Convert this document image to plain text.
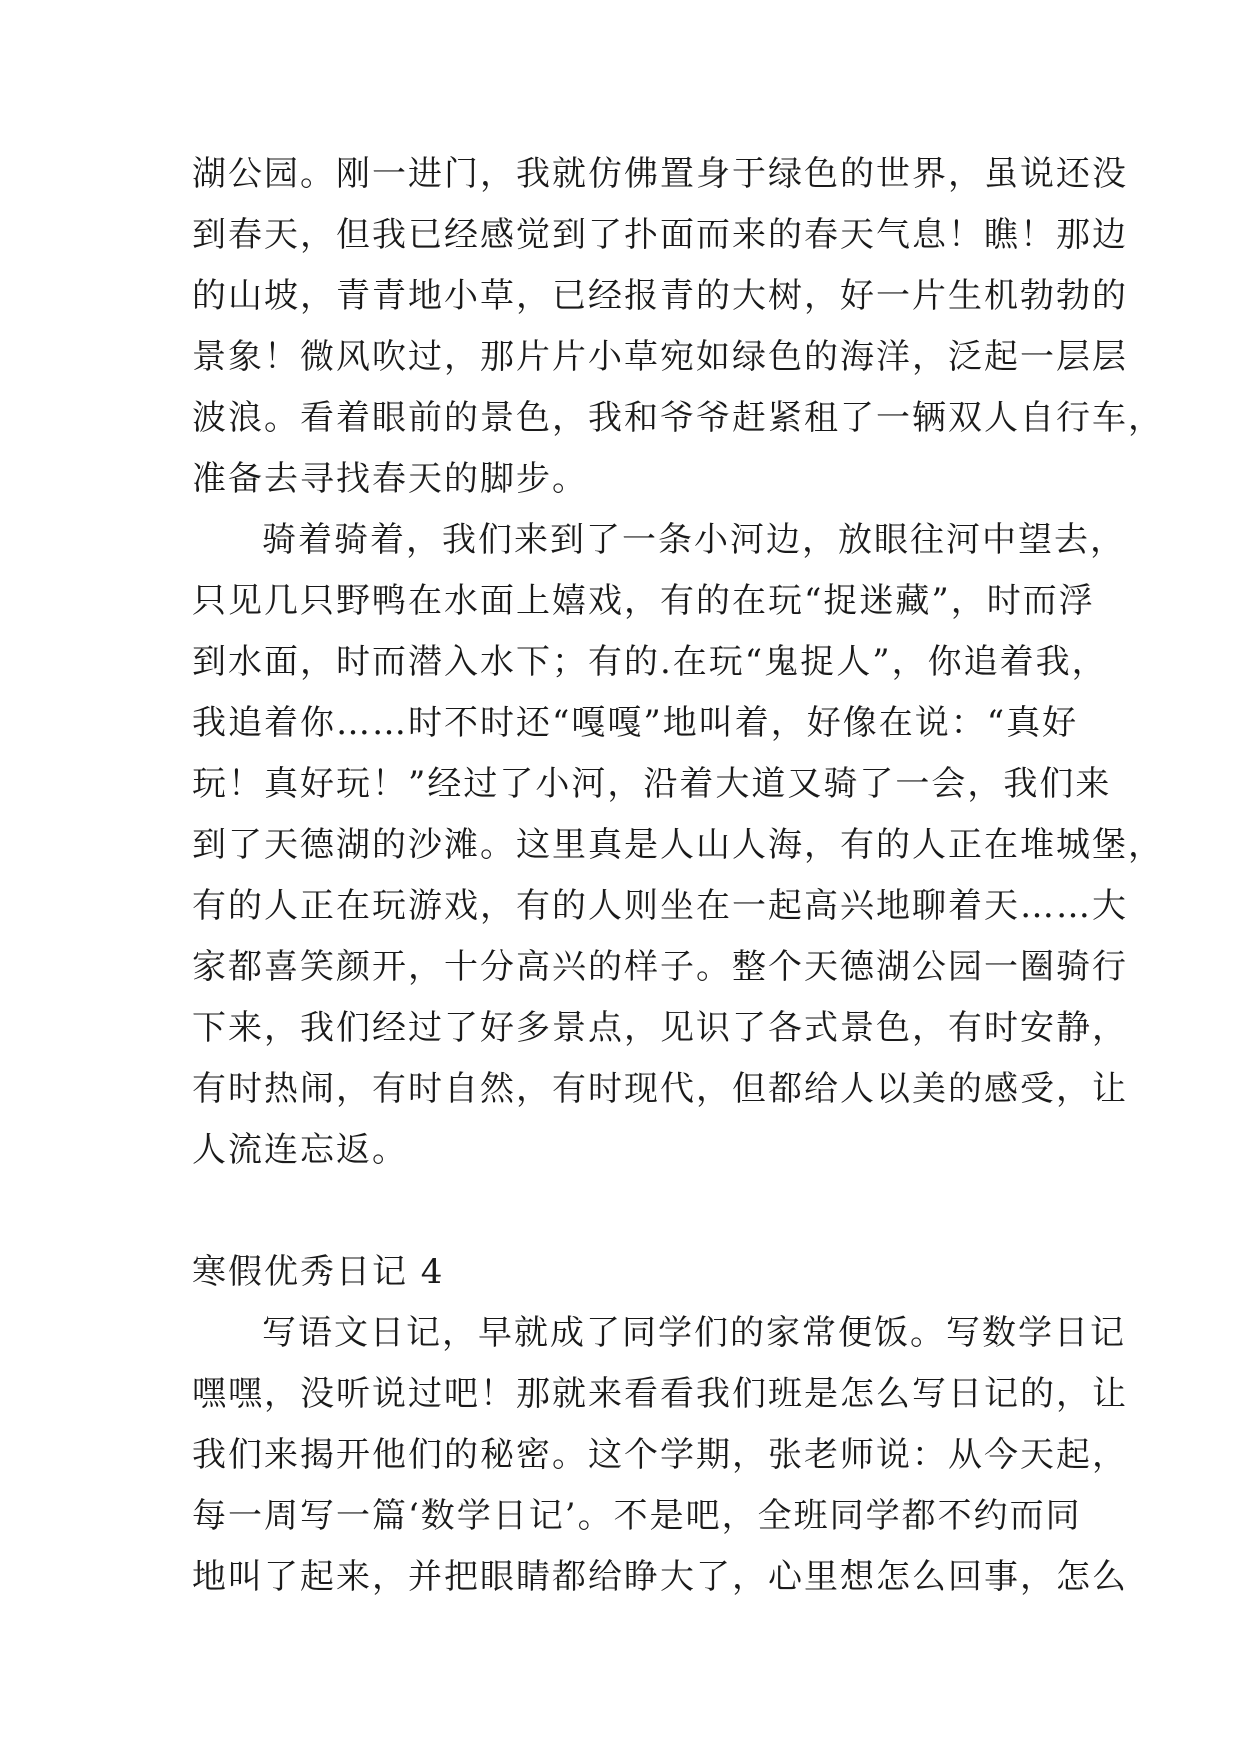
湖公园。刚一进门，我就仿佛置身于绿色的世界，虽说还没
到春天，但我已经感觉到了扑面而来的春天气息！瞧！那边
的山坡，青青地小草，已经报青的大树，好一片生机勃勃的
景象！微风吹过，那片片小草宛如绿色的海洋，泛起一层层
波浪。看着眼前的景色，我和爷爷赶紧租了一辆双人自行车，
准备去寻找春天的脚步。
骑着骑着，我们来到了一条小河边，放眼往河中望去，
只见几只野鸭在水面上嬉戏，有的在玩“捉迷藏”，时而浮
到水面，时而潜入水下；有的.在玩“鬼捉人”，你追着我，
我追着你……时不时还“嘎嘎”地叫着，好像在说：“真好
玩！真好玩！”经过了小河，沿着大道又骑了一会，我们来
到了天德湖的沙滩。这里真是人山人海，有的人正在堆城堡，
有的人正在玩游戏，有的人则坐在一起高兴地聊着天……大
家都喜笑颜开，十分高兴的样子。整个天德湖公园一圈骑行
下来，我们经过了好多景点，见识了各式景色，有时安静，
有时热闹，有时自然，有时现代，但都给人以美的感受，让
人流连忘返。
寒假优秀日记 4
写语文日记，早就成了同学们的家常便饭。写数学日记
嘿嘿，没听说过吧！那就来看看我们班是怎么写日记的，让
我们来揭开他们的秘密。这个学期，张老师说：从今天起，
每一周写一篇‘数学日记’。不是吧，全班同学都不约而同
地叫了起来，并把眼睛都给睁大了，心里想怎么回事，怎么
